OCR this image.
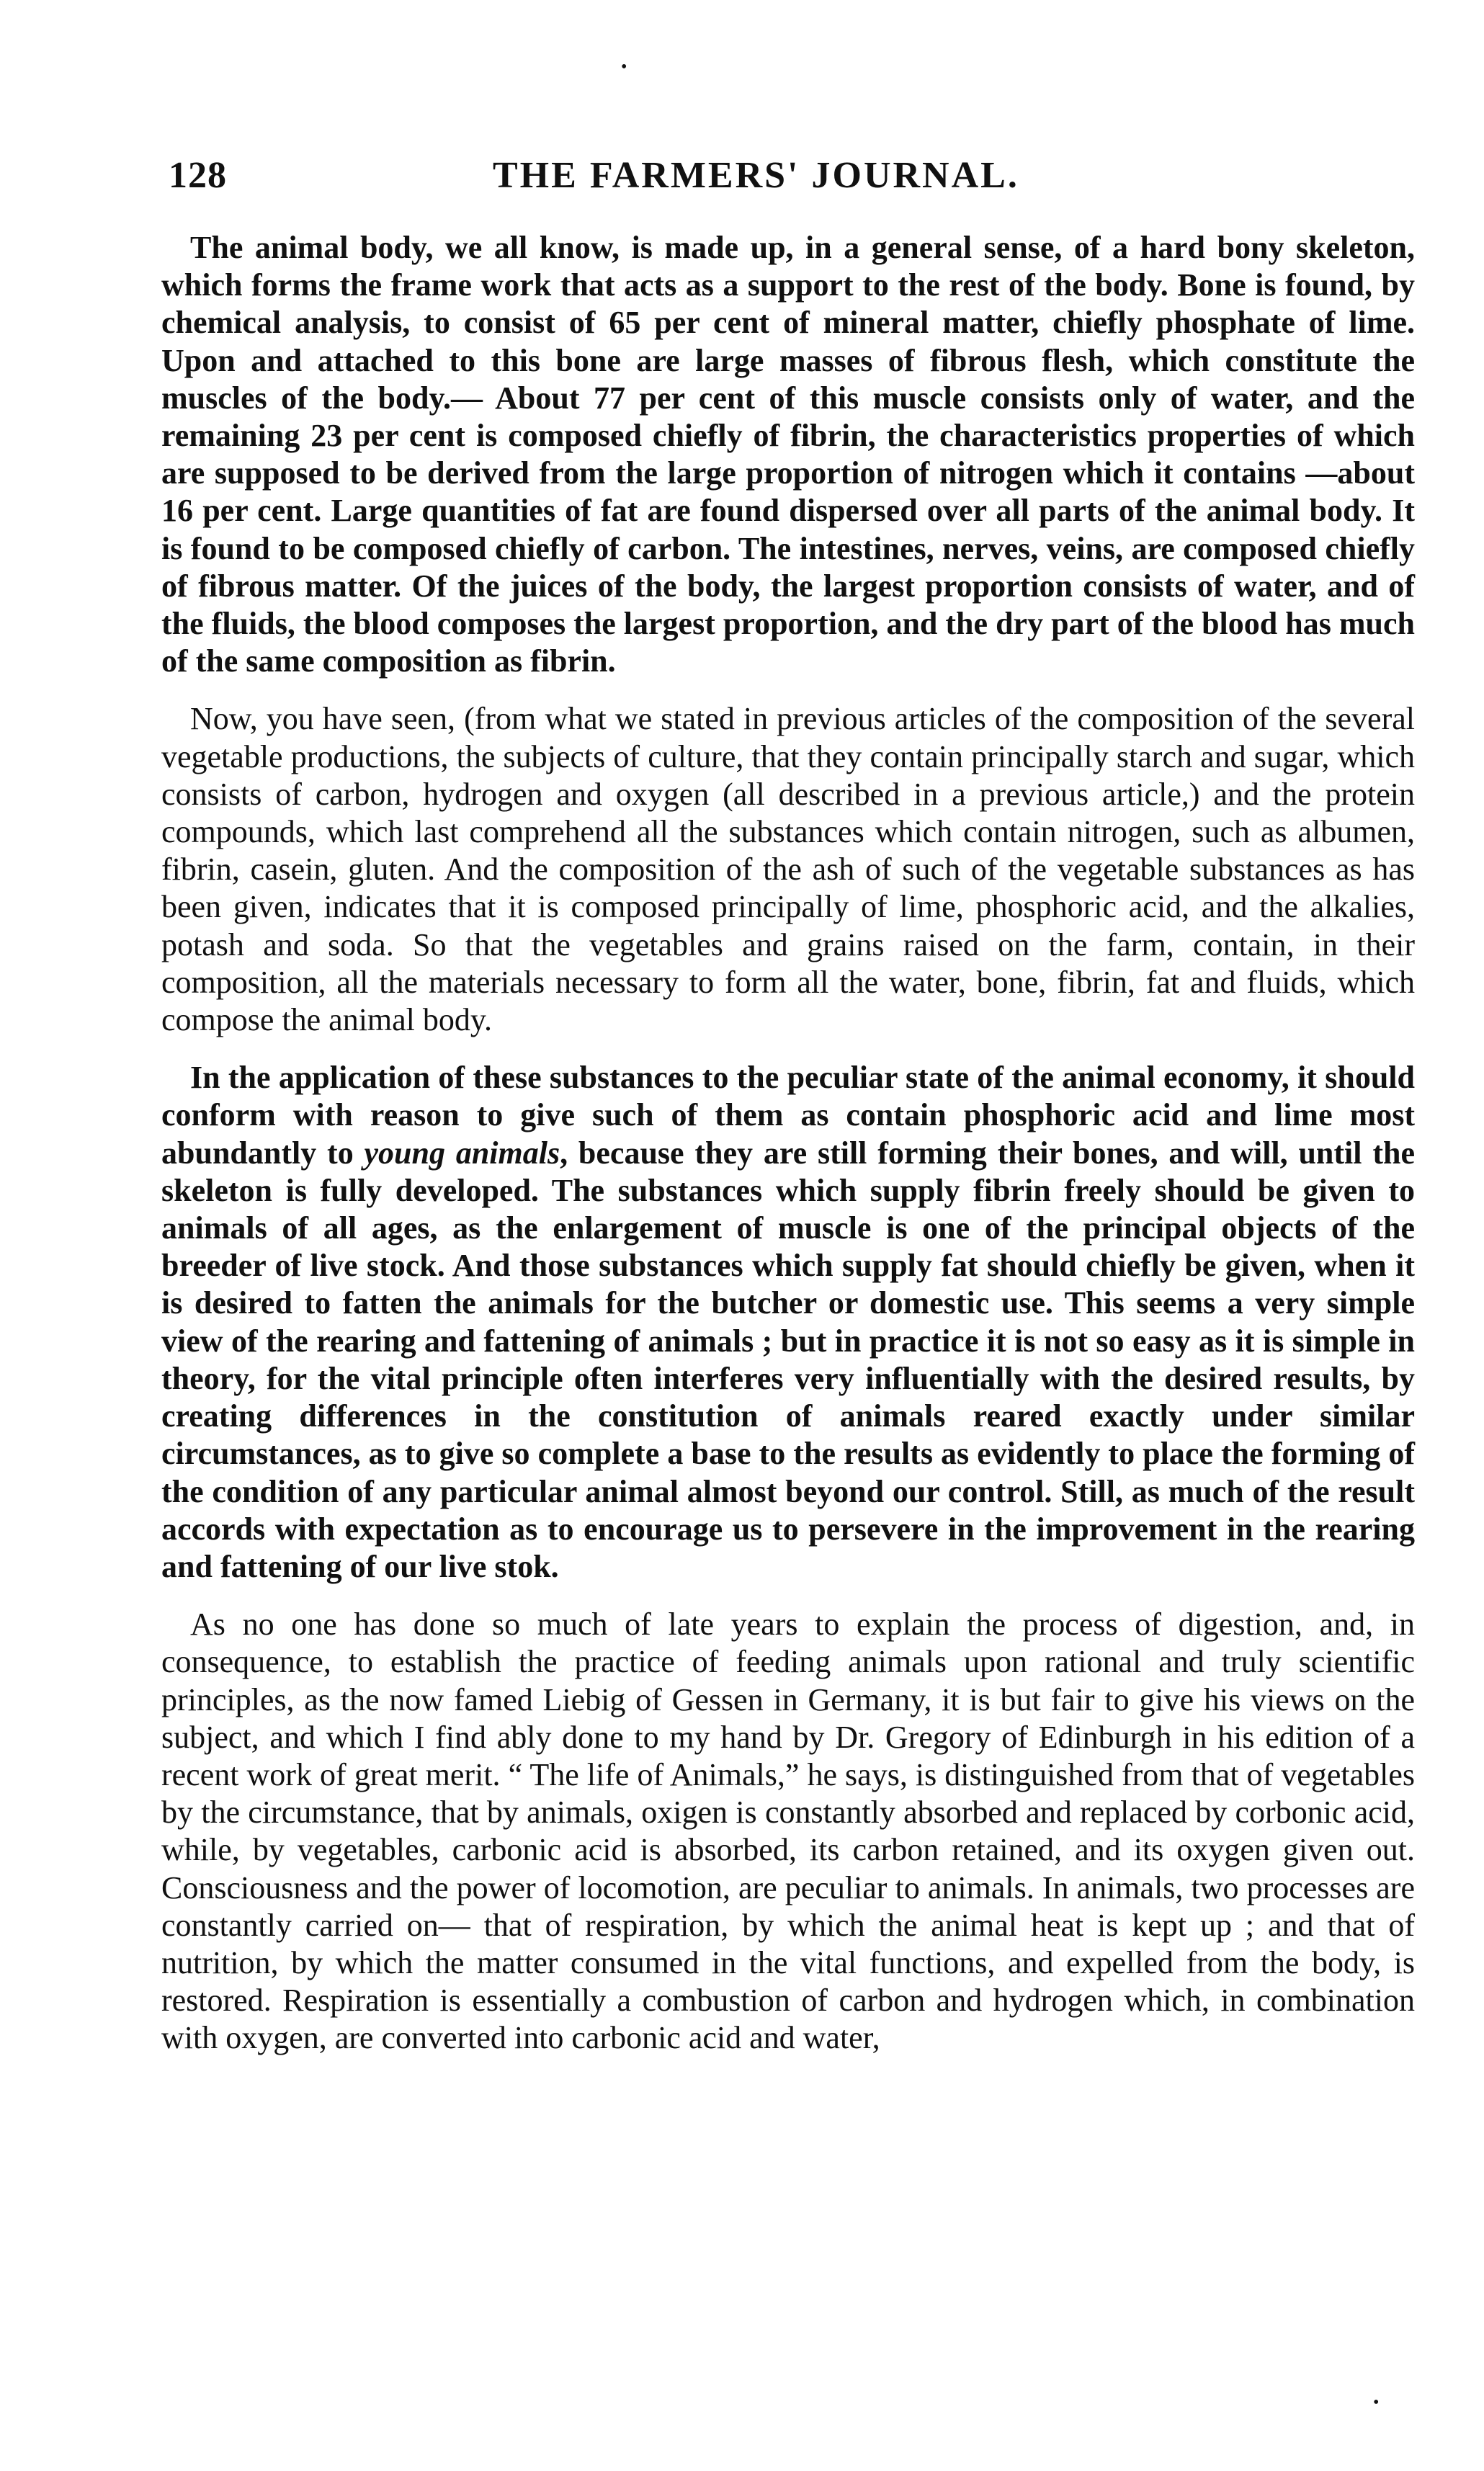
•
128	THE FARMERS' JOURNAL.

The animal body, we all know, is made up, in a general sense, of a hard bony skeleton, which forms the frame work that acts as a support to the rest of the body. Bone is found, by chemical analysis, to consist of 65 per cent of mineral matter, chiefly phosphate of lime. Upon and attached to this bone are large masses of fibrous flesh, which constitute the muscles of the body.— About 77 per cent of this muscle consists only of water, and the remaining 23 per cent is composed chiefly of fibrin, the characteristics properties of which are supposed to be derived from the large proportion of nitrogen which it contains —about 16 per cent. Large quantities of fat are found dispersed over all parts of the animal body. It is found to be composed chiefly of carbon. The intestines, nerves, veins, are composed chiefly of fibrous matter. Of the juices of the body, the largest proportion consists of water, and of the fluids, the blood composes the largest proportion, and the dry part of the blood has much of the same composition as fibrin.

Now, you have seen, (from what we stated in previous articles of the composition of the several vegetable productions, the subjects of culture, that they contain principally starch and sugar, which consists of carbon, hydrogen and oxygen (all described in a previous article,) and the protein compounds, which last comprehend all the substances which contain nitrogen, such as albumen, fibrin, casein, gluten. And the composition of the ash of such of the vegetable substances as has been given, indicates that it is composed principally of lime, phosphoric acid, and the alkalies, potash and soda. So that the vegetables and grains raised on the farm, contain, in their composition, all the materials necessary to form all the water, bone, fibrin, fat and fluids, which compose the animal body.

In the application of these substances to the peculiar state of the animal economy, it should conform with reason to give such of them as contain phosphoric acid and lime most abundantly to young animals, because they are still forming their bones, and will, until the skeleton is fully developed. The substances which supply fibrin freely should be given to animals of all ages, as the enlargement of muscle is one of the principal objects of the breeder of live stock. And those substances which supply fat should chiefly be given, when it is desired to fatten the animals for the butcher or domestic use. This seems a very simple view of the rearing and fattening of animals ; but in practice it is not so easy as it is simple in theory, for the vital principle often interferes very influentially with the desired results, by creating differences in the constitution of animals reared exactly under similar circumstances, as to give so complete a base to the results as evidently to place the forming of the condition of any particular animal almost beyond our control. Still, as much of the result accords with expectation as to encourage us to persevere in the improvement in the rearing and fattening of our live stok.

As no one has done so much of late years to explain the process of digestion, and, in consequence, to establish the practice of feeding animals upon rational and truly scientific principles, as the now famed Liebig of Gessen in Germany, it is but fair to give his views on the subject, and which I find ably done to my hand by Dr. Gregory of Edinburgh in his edition of a recent work of great merit. “ The life of Animals,” he says, is distinguished from that of vegetables by the circumstance, that by animals, oxigen is constantly absorbed and replaced by corbonic acid, while, by vegetables, carbonic acid is absorbed, its carbon retained, and its oxygen given out. Consciousness and the power of locomotion, are peculiar to animals. In animals, two processes are constantly carried on— that of respiration, by which the animal heat is kept up ; and that of nutrition, by which the matter consumed in the vital functions, and expelled from the body, is restored. Respiration is essentially a combustion of carbon and hydrogen which, in combination with oxygen, are converted into carbonic acid and water,

•
